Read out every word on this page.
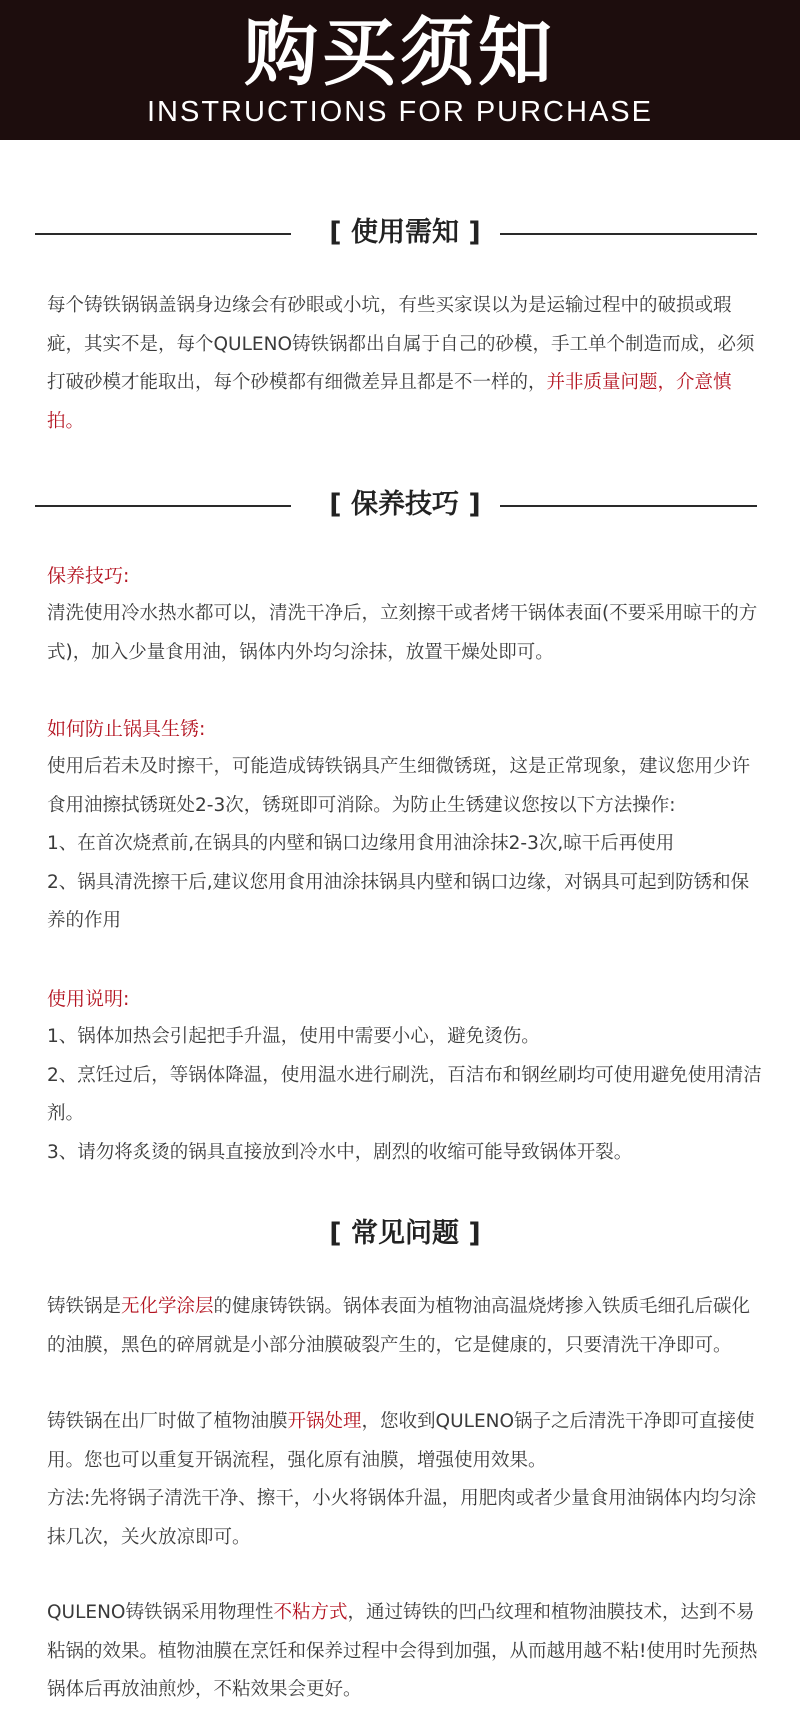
购买须知
INSTRUCTIONS FOR PURCHASE
[ 使用需知 ]

每个铸铁锅锅盖锅身边缘会有砂眼或小坑，有些买家误以为是运输过程中的破损或瑕疵，其实不是，每个QULENO铸铁锅都出自属于自己的砂模，手工单个制造而成，必须打破砂模才能取出，每个砂模都有细微差异且都是不一样的，并非质量问题，介意慎拍。

[ 保养技巧 ]
保养技巧:

清洗使用冷水热水都可以，清洗干净后，立刻擦干或者烤干锅体表面(不要采用晾干的方式)，加入少量食用油，锅体内外均匀涂抹，放置干燥处即可。

如何防止锅具生锈:

使用后若未及时擦干，可能造成铸铁锅具产生细微锈斑，这是正常现象，建议您用少许食用油擦拭锈斑处2-3次，锈斑即可消除。为防止生锈建议您按以下方法操作:

1、在首次烧煮前,在锅具的内壁和锅口边缘用食用油涂抹2-3次,晾干后再使用

2、锅具清洗擦干后,建议您用食用油涂抹锅具内壁和锅口边缘，对锅具可起到防锈和保养的作用

使用说明:

1、锅体加热会引起把手升温，使用中需要小心，避免烫伤。

2、烹饪过后，等锅体降温，使用温水进行刷洗，百洁布和钢丝刷均可使用避免使用清洁剂。

3、请勿将炙烫的锅具直接放到冷水中，剧烈的收缩可能导致锅体开裂。

[ 常见问题 ]

铸铁锅是无化学涂层的健康铸铁锅。锅体表面为植物油高温烧烤掺入铁质毛细孔后碳化的油膜，黑色的碎屑就是小部分油膜破裂产生的，它是健康的，只要清洗干净即可。

铸铁锅在出厂时做了植物油膜开锅处理，您收到QULENO锅子之后清洗干净即可直接使用。您也可以重复开锅流程，强化原有油膜，增强使用效果。

方法:先将锅子清洗干净、擦干，小火将锅体升温，用肥肉或者少量食用油锅体内均匀涂抹几次，关火放凉即可。

QULENO铸铁锅采用物理性不粘方式，通过铸铁的凹凸纹理和植物油膜技术，达到不易粘锅的效果。植物油膜在烹饪和保养过程中会得到加强，从而越用越不粘!使用时先预热锅体后再放油煎炒，不粘效果会更好。
